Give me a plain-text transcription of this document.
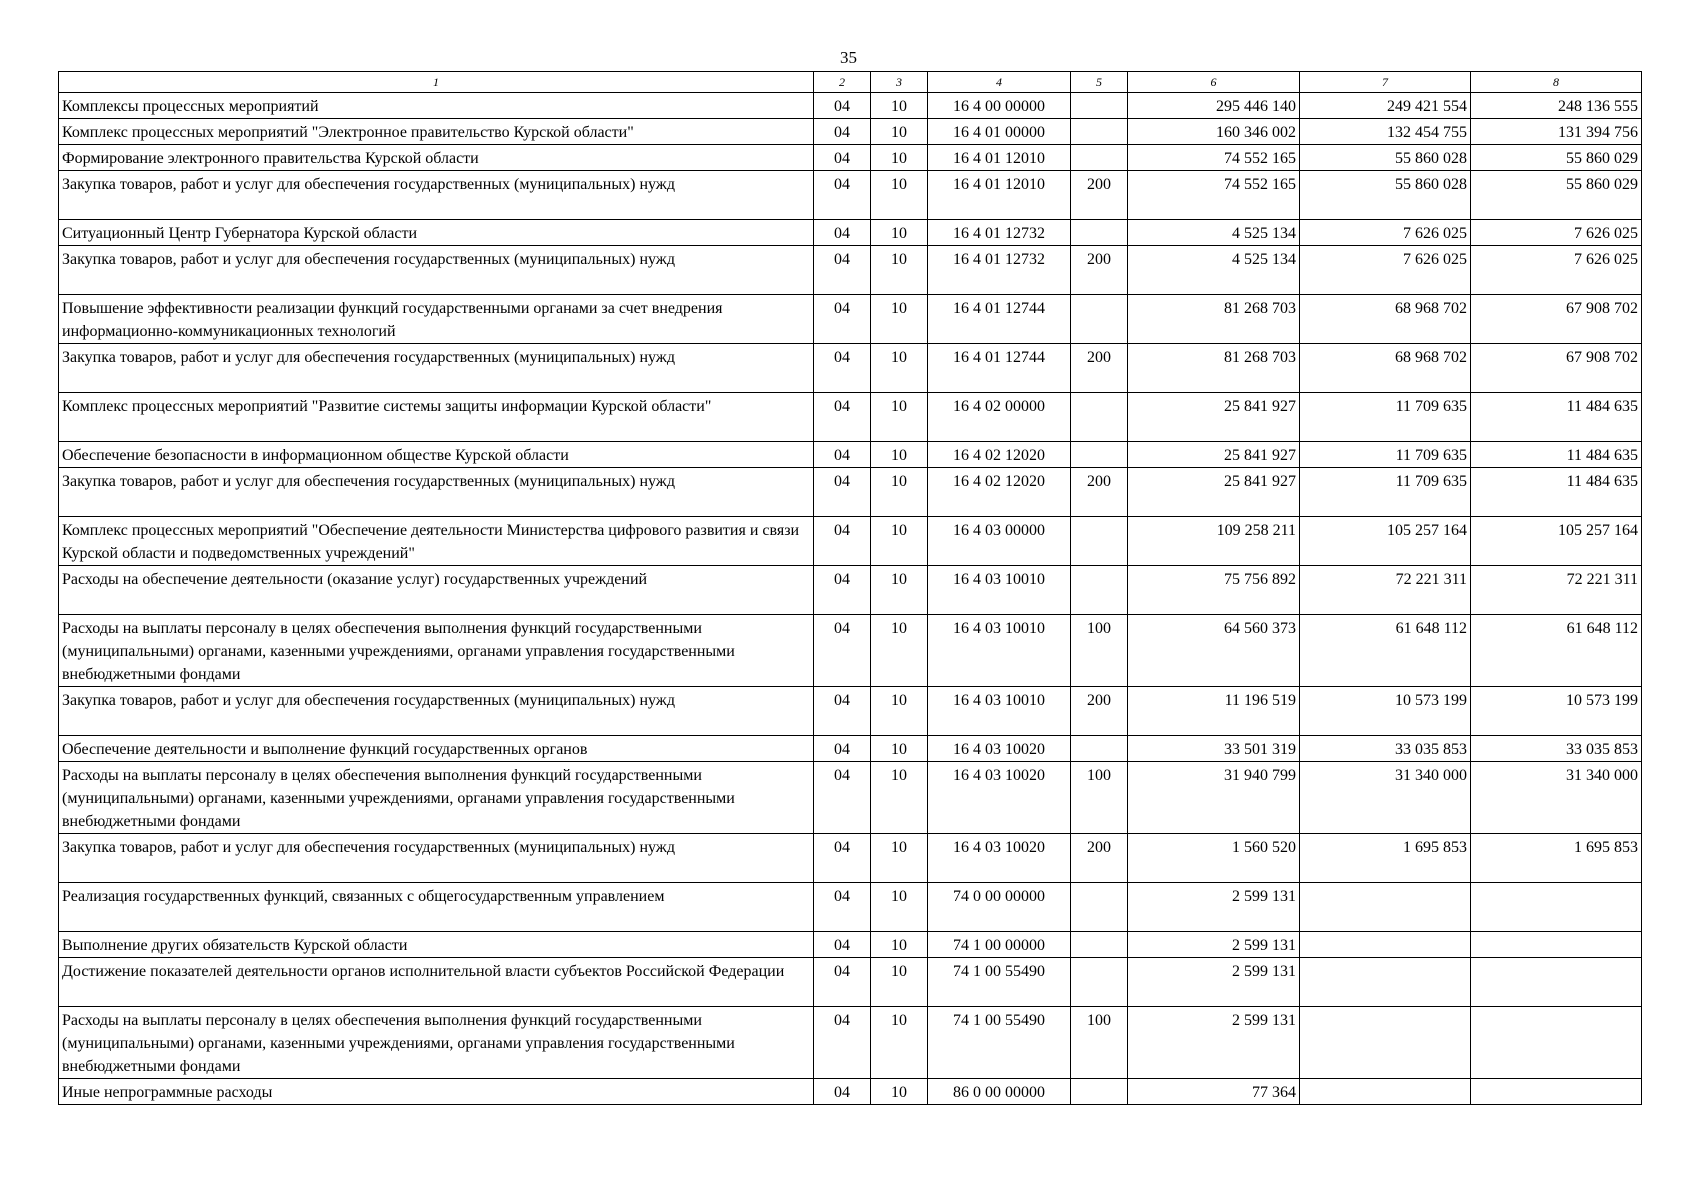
35
1	2	3	4	5	6	7	8
Комплексы процессных мероприятий	04	10	16 4 00 00000		295 446 140	249 421 554	248 136 555
Комплекс процессных мероприятий "Электронное правительство Курской области"	04	10	16 4 01 00000		160 346 002	132 454 755	131 394 756
Формирование электронного правительства Курской области	04	10	16 4 01 12010		74 552 165	55 860 028	55 860 029
Закупка товаров, работ и услуг для обеспечения государственных (муниципальных) нужд	04	10	16 4 01 12010	200	74 552 165	55 860 028	55 860 029
Ситуационный Центр Губернатора Курской области	04	10	16 4 01 12732		4 525 134	7 626 025	7 626 025
Закупка товаров, работ и услуг для обеспечения государственных (муниципальных) нужд	04	10	16 4 01 12732	200	4 525 134	7 626 025	7 626 025
Повышение эффективности реализации функций государственными органами за счет внедрения информационно-коммуникационных технологий	04	10	16 4 01 12744		81 268 703	68 968 702	67 908 702
Закупка товаров, работ и услуг для обеспечения государственных (муниципальных) нужд	04	10	16 4 01 12744	200	81 268 703	68 968 702	67 908 702
Комплекс процессных мероприятий "Развитие системы защиты информации Курской области"	04	10	16 4 02 00000		25 841 927	11 709 635	11 484 635
Обеспечение безопасности в информационном обществе Курской области	04	10	16 4 02 12020		25 841 927	11 709 635	11 484 635
Закупка товаров, работ и услуг для обеспечения государственных (муниципальных) нужд	04	10	16 4 02 12020	200	25 841 927	11 709 635	11 484 635
Комплекс процессных мероприятий "Обеспечение деятельности Министерства цифрового развития и связи Курской области и подведомственных учреждений"	04	10	16 4 03 00000		109 258 211	105 257 164	105 257 164
Расходы на обеспечение деятельности (оказание услуг) государственных учреждений	04	10	16 4 03 10010		75 756 892	72 221 311	72 221 311
Расходы на выплаты персоналу в целях обеспечения выполнения функций государственными (муниципальными) органами, казенными учреждениями, органами управления государственными внебюджетными фондами	04	10	16 4 03 10010	100	64 560 373	61 648 112	61 648 112
Закупка товаров, работ и услуг для обеспечения государственных (муниципальных) нужд	04	10	16 4 03 10010	200	11 196 519	10 573 199	10 573 199
Обеспечение деятельности и выполнение функций государственных органов	04	10	16 4 03 10020		33 501 319	33 035 853	33 035 853
Расходы на выплаты персоналу в целях обеспечения выполнения функций государственными (муниципальными) органами, казенными учреждениями, органами управления государственными внебюджетными фондами	04	10	16 4 03 10020	100	31 940 799	31 340 000	31 340 000
Закупка товаров, работ и услуг для обеспечения государственных (муниципальных) нужд	04	10	16 4 03 10020	200	1 560 520	1 695 853	1 695 853
Реализация государственных функций, связанных с общегосударственным управлением	04	10	74 0 00 00000		2 599 131		
Выполнение других обязательств Курской области	04	10	74 1 00 00000		2 599 131		
Достижение показателей деятельности органов исполнительной власти субъектов Российской Федерации	04	10	74 1 00 55490		2 599 131		
Расходы на выплаты персоналу в целях обеспечения выполнения функций государственными (муниципальными) органами, казенными учреждениями, органами управления государственными внебюджетными фондами	04	10	74 1 00 55490	100	2 599 131		
Иные непрограммные расходы	04	10	86 0 00 00000		77 364		
